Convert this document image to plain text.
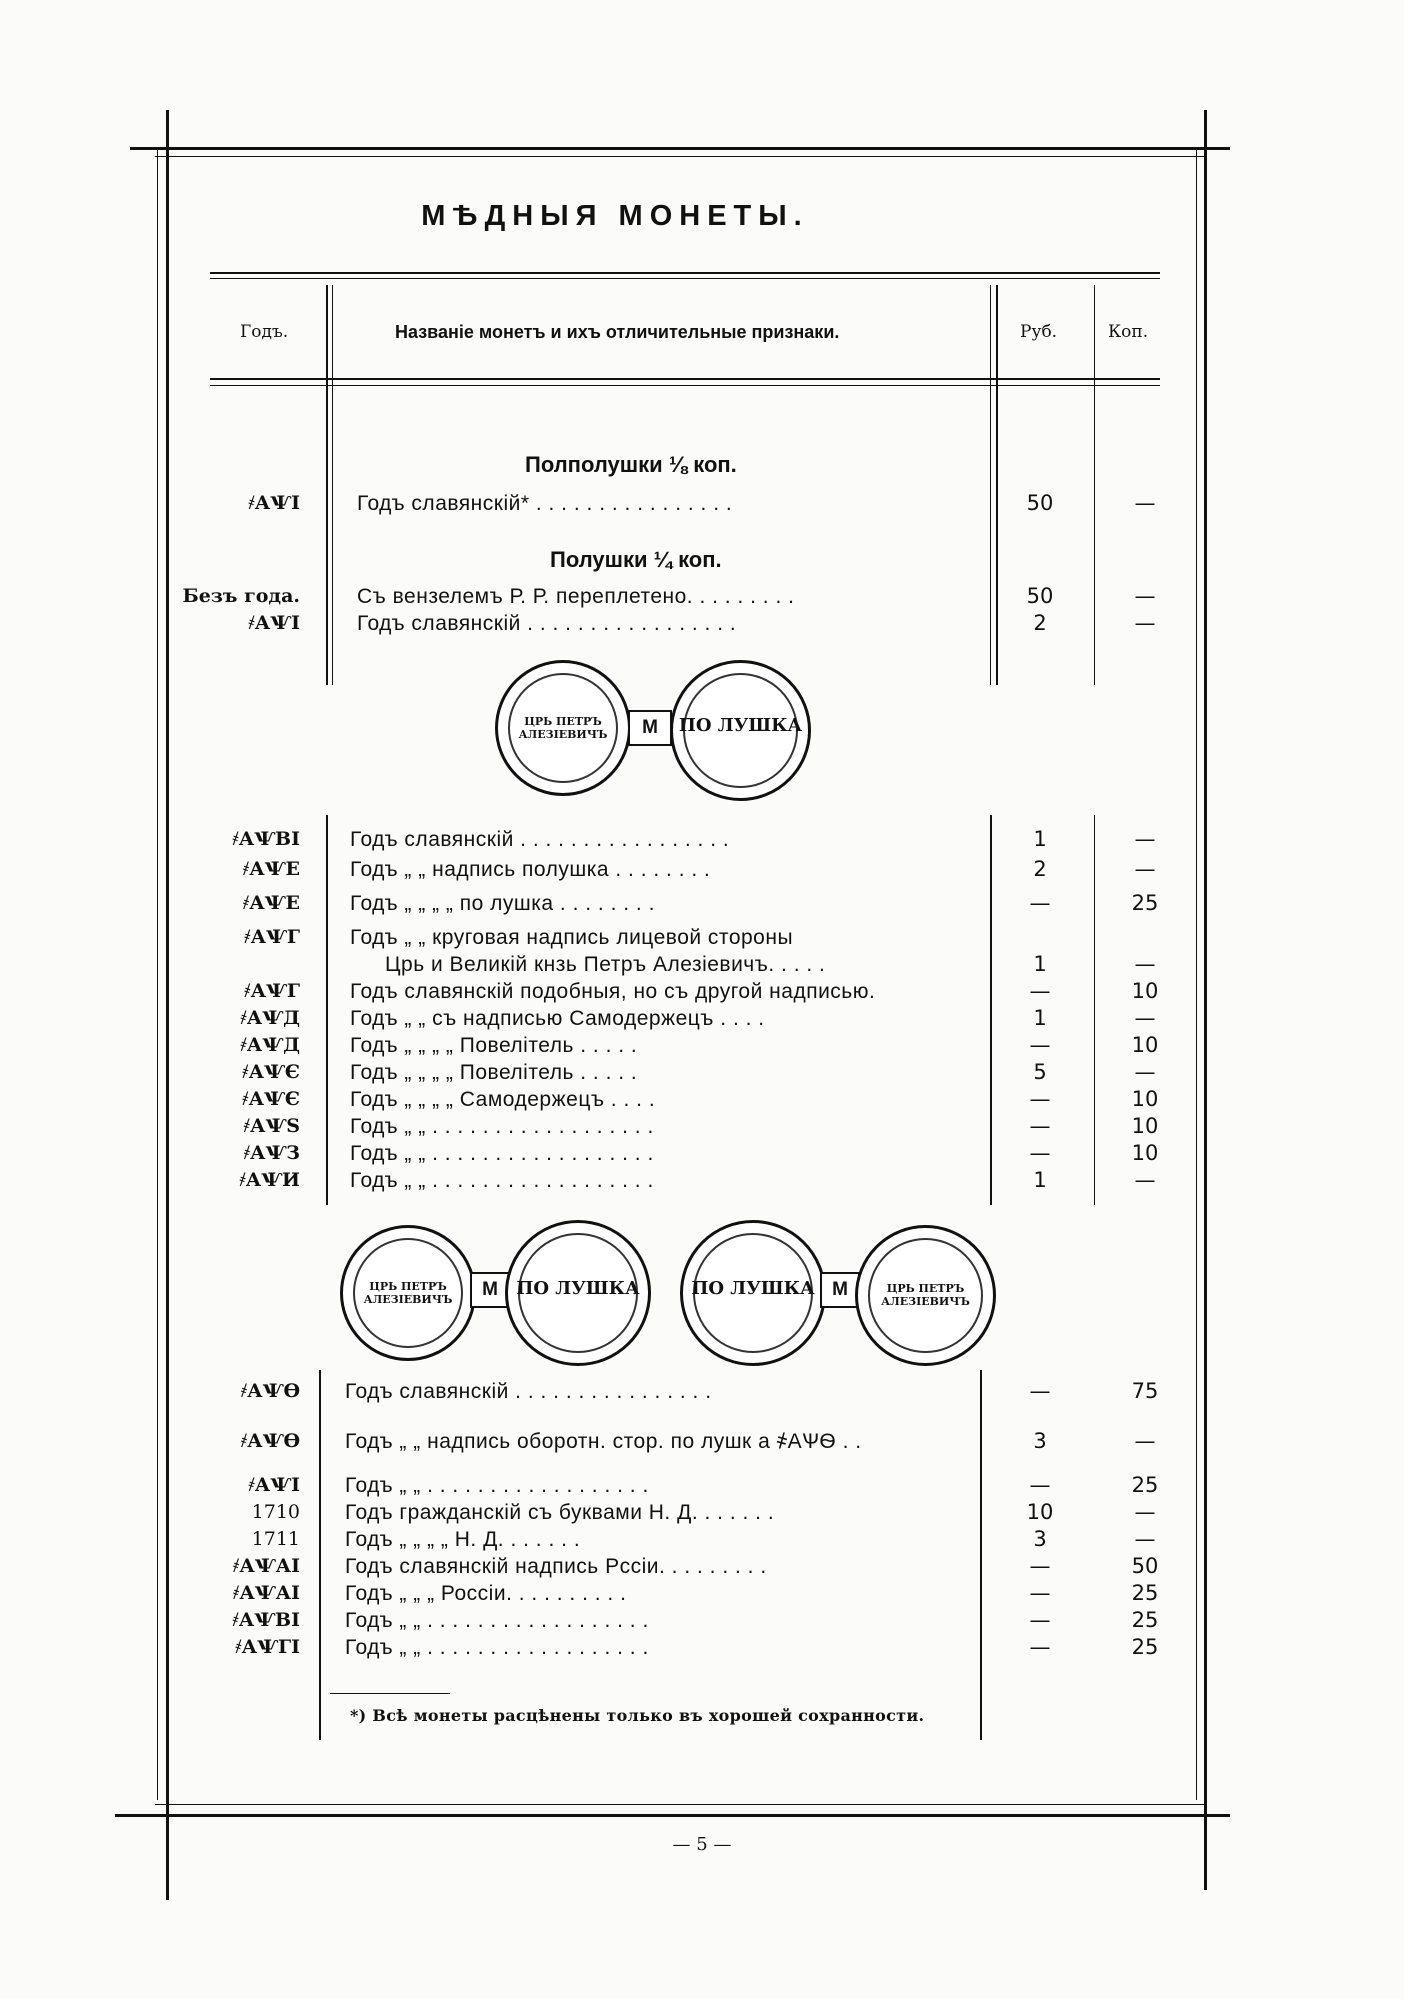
МѢДНЫЯ МОНЕТЫ.
Годъ.	Названіе монетъ и ихъ отличительные признаки.	Руб.	Коп.
Полполушки ⅛ коп.
Полушки ¼ коп.
҂АѰІ	Годъ славянскій* . . . . . . . . . . . . . . . .	50	—
Безъ года.	Съ вензелемъ Р. Р. переплетено. . . . . . . . .	50	—
҂АѰІ	Годъ славянскій . . . . . . . . . . . . . . . . .	2	—
ЦРЬ ПЕТРЪ АЛЕЗІЕВИЧЪ	М	ПО ЛУШКА
҂АѰВІ Годъ славянскій . . . . . . . . . . . . . . . . .	1	—
҂АѰЕ Годъ „ „ надпись полушка . . . . . . . .	2	—
҂АѰЕ Годъ „ „ „ „ по лушка . . . . . . . .	—	25
҂АѰГ Годъ „ „ круговая надпись лицевой стороны
Црь и Великій кнзь Петръ Алезіевичъ. . . . .	1	—
҂АѰГ Годъ славянскій подобныя, но съ другой надписью.	—	10
҂АѰД Годъ „ „ съ надписью Самодержецъ . . . .	1	—
҂АѰД Годъ „ „ „ „ Повелітель . . . . .	—	10
҂АѰЄ Годъ „ „ „ „ Повелітель . . . . .	5	—
҂АѰЄ Годъ „ „ „ „ Самодержецъ . . . .	—	10
҂АѰЅ Годъ „ „ . . . . . . . . . . . . . . . . . .	—	10
҂АѰЗ Годъ „ „ . . . . . . . . . . . . . . . . . .	—	10
҂АѰИ Годъ „ „ . . . . . . . . . . . . . . . . . .	1	—
ЦРЬ ПЕТРЪ АЛЕЗІЕВИЧЪ	М	ПО ЛУШКА	ПО ЛУШКА М	ЦРЬ ПЕТРЪ АЛЕЗІЕВИЧЪ
҂АѰѲ Годъ славянскій . . . . . . . . . . . . . . . .	—	75
҂АѰѲ Годъ „ „ надпись оборотн. стор. по лушк а ҂АѰѲ . .	3	—
҂АѰІ Годъ „ „ . . . . . . . . . . . . . . . . . .	—	25
1710 Годъ гражданскій съ буквами Н. Д. . . . . . .	10	—
1711 Годъ „ „ „ „ Н. Д. . . . . . .	3	—
҂АѰАІ Годъ славянскій надпись Рссіи. . . . . . . . .	—	50
҂АѰАІ Годъ „ „ „ Россіи. . . . . . . . . .	—	25
҂АѰВІ Годъ „ „ . . . . . . . . . . . . . . . . . .	—	25
҂АѰГІ Годъ „ „ . . . . . . . . . . . . . . . . . .	—	25
*) Всѣ монеты расцѣнены только въ хорошей сохранности.
— 5 —
